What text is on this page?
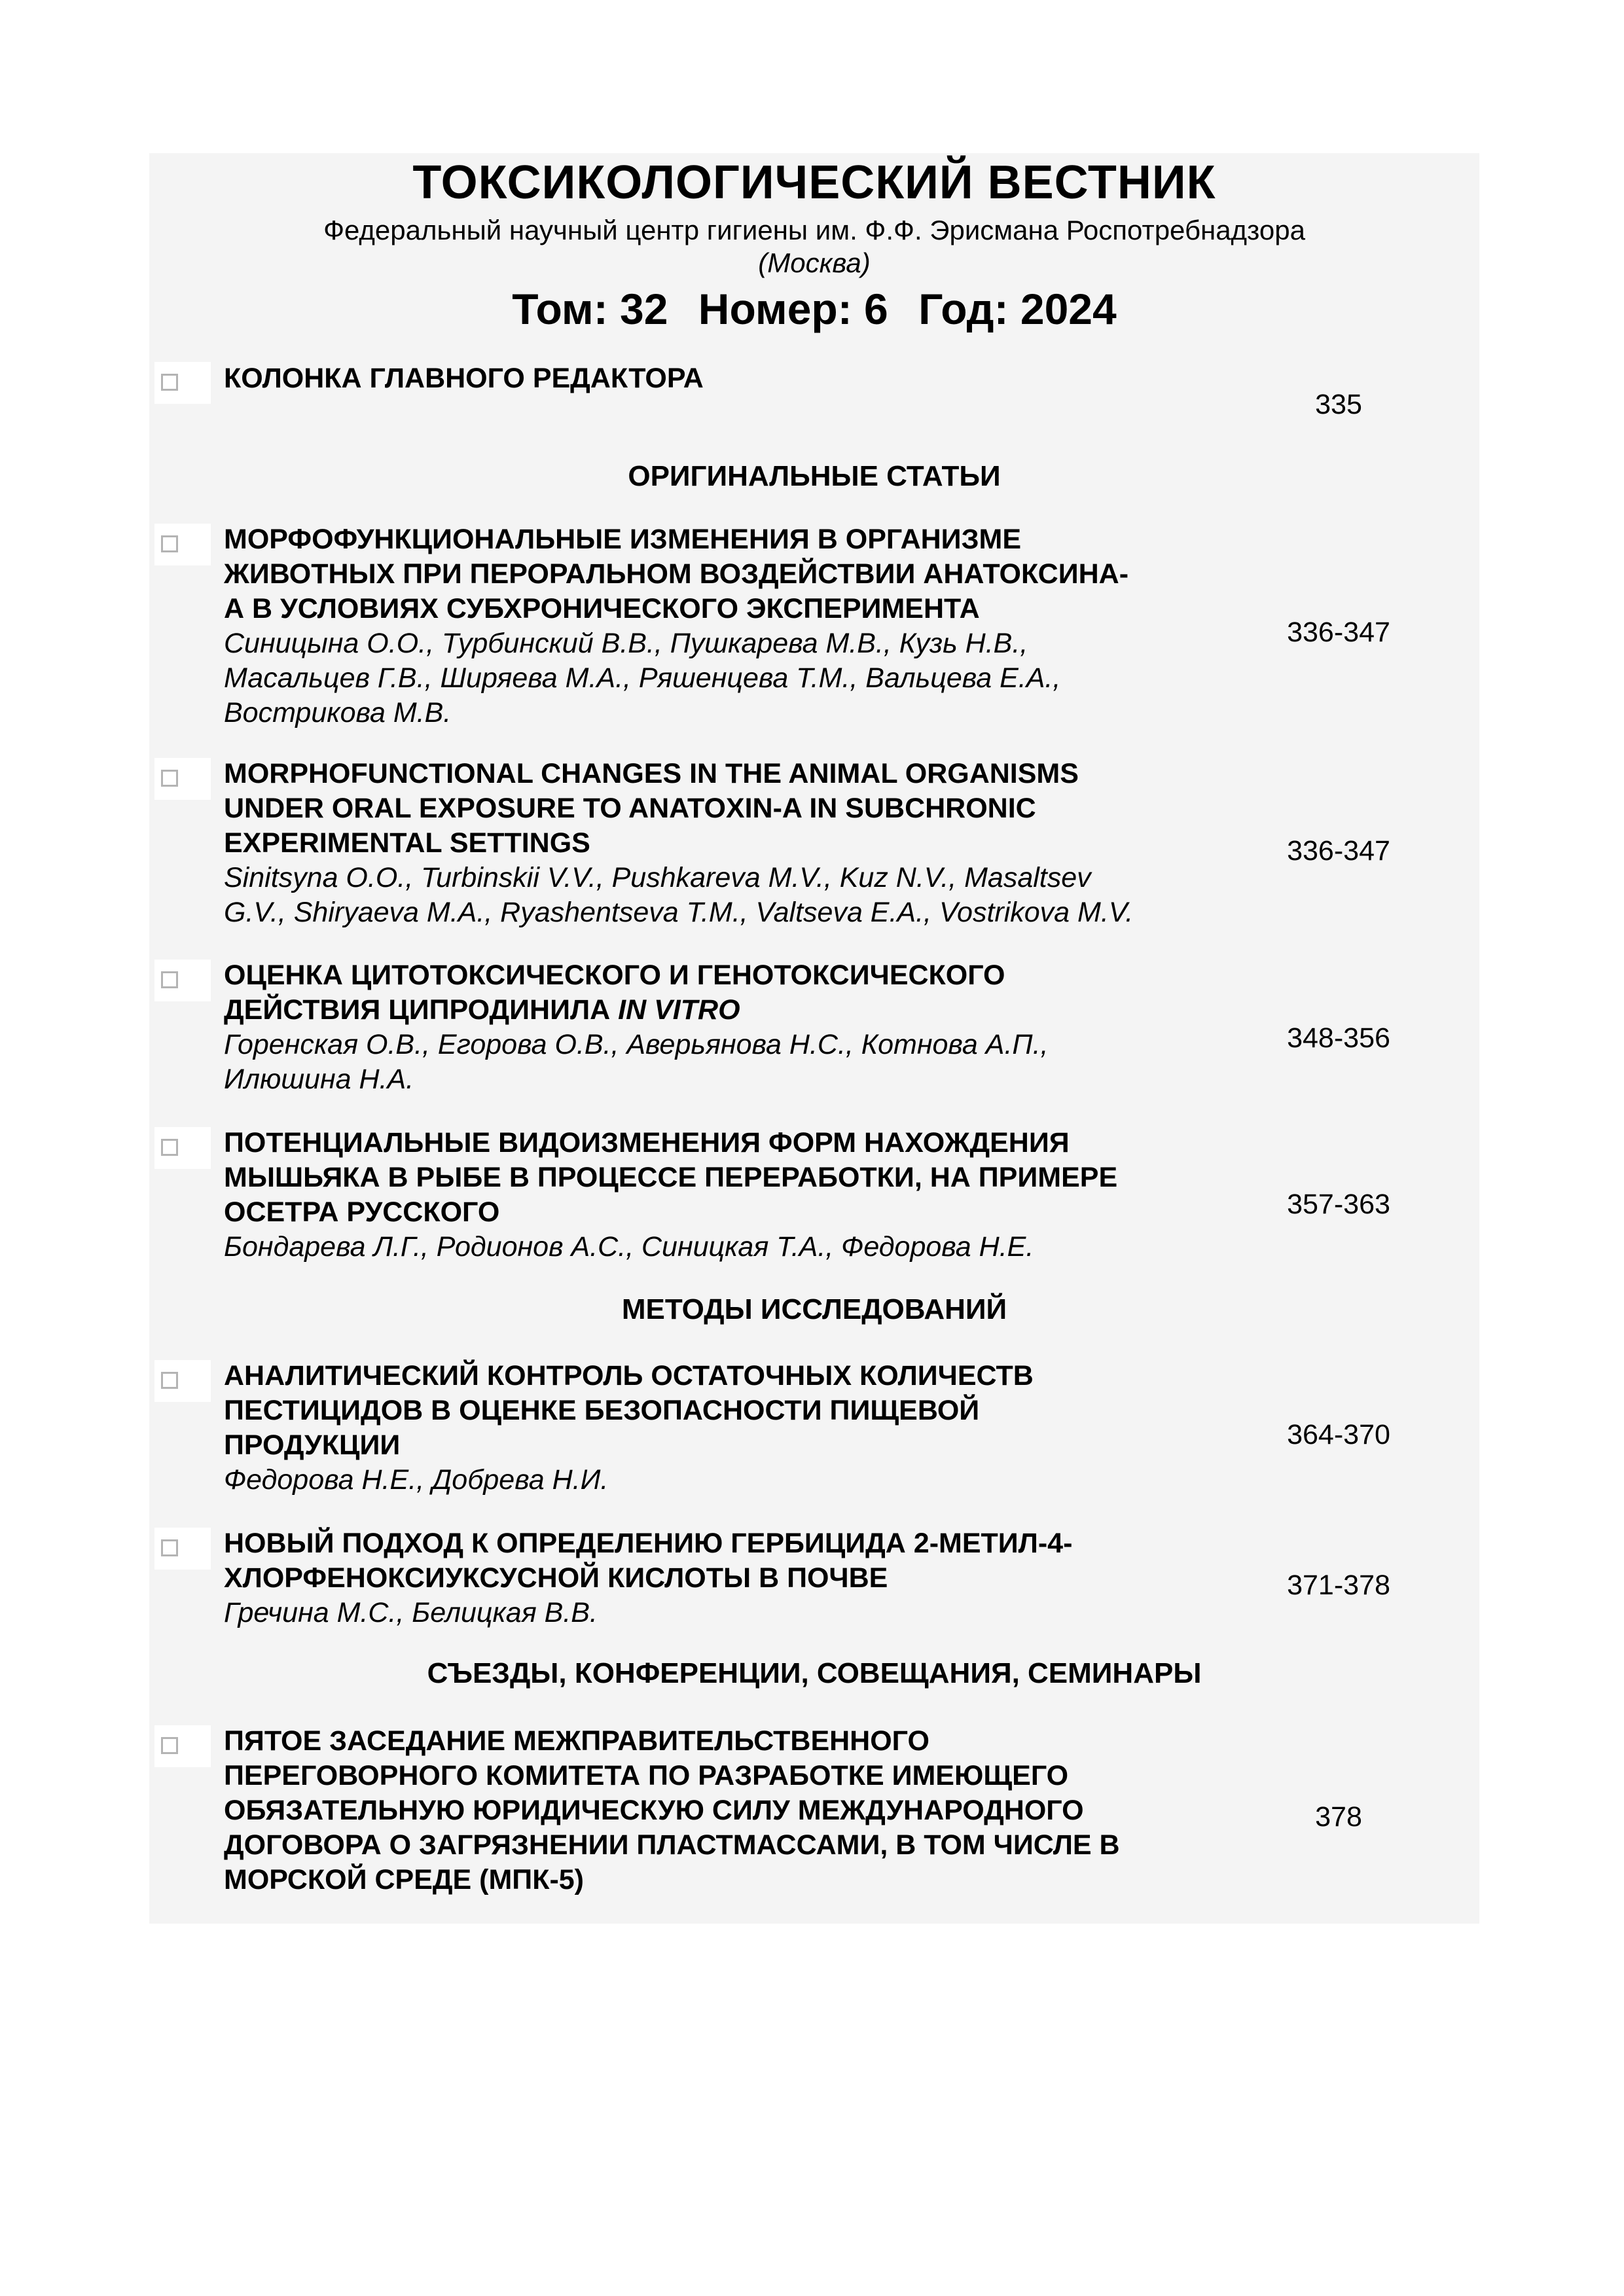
ТОКСИКОЛОГИЧЕСКИЙ ВЕСТНИК
Федеральный научный центр гигиены им. Ф.Ф. Эрисмана Роспотребнадзора
(Москва)
Том: 32 Номер: 6 Год: 2024
КОЛОНКА ГЛАВНОГО РЕДАКТОРА
335
ОРИГИНАЛЬНЫЕ СТАТЬИ
МОРФОФУНКЦИОНАЛЬНЫЕ ИЗМЕНЕНИЯ В ОРГАНИЗМЕ
ЖИВОТНЫХ ПРИ ПЕРОРАЛЬНОМ ВОЗДЕЙСТВИИ АНАТОКСИНА-
А В УСЛОВИЯХ СУБХРОНИЧЕСКОГО ЭКСПЕРИМЕНТА
Синицына О.О., Турбинский В.В., Пушкарева М.В., Кузь Н.В.,
Масальцев Г.В., Ширяева М.А., Ряшенцева Т.М., Вальцева Е.А.,
Вострикова М.В.
336-347
MORPHOFUNCTIONAL CHANGES IN THE ANIMAL ORGANISMS
UNDER ORAL EXPOSURE TO ANATOXIN-A IN SUBCHRONIC
EXPERIMENTAL SETTINGS
Sinitsyna O.O., Turbinskii V.V., Pushkareva M.V., Kuz N.V., Masaltsev
G.V., Shiryaeva M.A., Ryashentseva T.M., Valtseva E.A., Vostrikova M.V.
336-347
ОЦЕНКА ЦИТОТОКСИЧЕСКОГО И ГЕНОТОКСИЧЕСКОГО
ДЕЙСТВИЯ ЦИПРОДИНИЛА IN VITRO
Горенская О.В., Егорова О.В., Аверьянова Н.С., Котнова А.П.,
Илюшина Н.А.
348-356
ПОТЕНЦИАЛЬНЫЕ ВИДОИЗМЕНЕНИЯ ФОРМ НАХОЖДЕНИЯ
МЫШЬЯКА В РЫБЕ В ПРОЦЕССЕ ПЕРЕРАБОТКИ, НА ПРИМЕРЕ
ОСЕТРА РУССКОГО
Бондарева Л.Г., Родионов А.С., Синицкая Т.А., Федорова Н.Е.
357-363
МЕТОДЫ ИССЛЕДОВАНИЙ
АНАЛИТИЧЕСКИЙ КОНТРОЛЬ ОСТАТОЧНЫХ КОЛИЧЕСТВ
ПЕСТИЦИДОВ В ОЦЕНКЕ БЕЗОПАСНОСТИ ПИЩЕВОЙ
ПРОДУКЦИИ
Федорова Н.Е., Добрева Н.И.
364-370
НОВЫЙ ПОДХОД К ОПРЕДЕЛЕНИЮ ГЕРБИЦИДА 2-МЕТИЛ-4-
ХЛОРФЕНОКСИУКСУСНОЙ КИСЛОТЫ В ПОЧВЕ
Гречина М.С., Белицкая В.В.
371-378
СЪЕЗДЫ, КОНФЕРЕНЦИИ, СОВЕЩАНИЯ, СЕМИНАРЫ
ПЯТОЕ ЗАСЕДАНИЕ МЕЖПРАВИТЕЛЬСТВЕННОГО
ПЕРЕГОВОРНОГО КОМИТЕТА ПО РАЗРАБОТКЕ ИМЕЮЩЕГО
ОБЯЗАТЕЛЬНУЮ ЮРИДИЧЕСКУЮ СИЛУ МЕЖДУНАРОДНОГО
ДОГОВОРА О ЗАГРЯЗНЕНИИ ПЛАСТМАССАМИ, В ТОМ ЧИСЛЕ В
МОРСКОЙ СРЕДЕ (МПК-5)
378
